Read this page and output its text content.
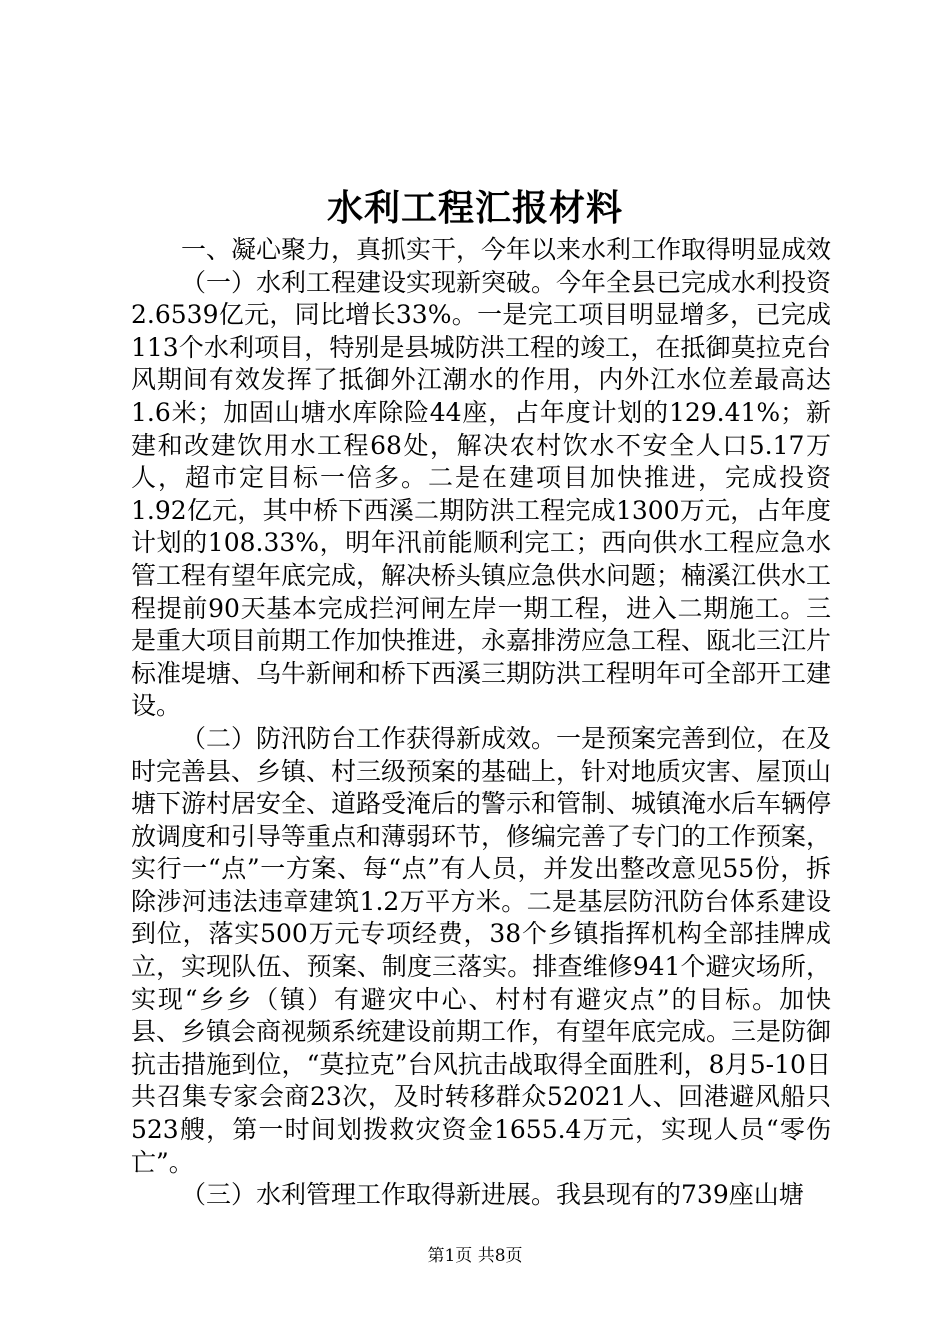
水利工程汇报材料

一、凝心聚力，真抓实干，今年以来水利工作取得明显成效

（一）水利工程建设实现新突破。今年全县已完成水利投资2.6539亿元，同比增长33%。一是完工项目明显增多，已完成113个水利项目，特别是县城防洪工程的竣工，在抵御莫拉克台风期间有效发挥了抵御外江潮水的作用，内外江水位差最高达1.6米；加固山塘水库除险44座，占年度计划的129.41%；新建和改建饮用水工程68处，解决农村饮水不安全人口5.17万人，超市定目标一倍多。二是在建项目加快推进，完成投资1.92亿元，其中桥下西溪二期防洪工程完成1300万元，占年度计划的108.33%，明年汛前能顺利完工；西向供水工程应急水管工程有望年底完成，解决桥头镇应急供水问题；楠溪江供水工程提前90天基本完成拦河闸左岸一期工程，进入二期施工。三是重大项目前期工作加快推进，永嘉排涝应急工程、瓯北三江片标准堤塘、乌牛新闸和桥下西溪三期防洪工程明年可全部开工建设。

（二）防汛防台工作获得新成效。一是预案完善到位，在及时完善县、乡镇、村三级预案的基础上，针对地质灾害、屋顶山塘下游村居安全、道路受淹后的警示和管制、城镇淹水后车辆停放调度和引导等重点和薄弱环节，修编完善了专门的工作预案，实行一“点”一方案、每“点”有人员，并发出整改意见55份，拆除涉河违法违章建筑1.2万平方米。二是基层防汛防台体系建设到位，落实500万元专项经费，38个乡镇指挥机构全部挂牌成立，实现队伍、预案、制度三落实。排查维修941个避灾场所，实现“乡乡（镇）有避灾中心、村村有避灾点”的目标。加快县、乡镇会商视频系统建设前期工作，有望年底完成。三是防御抗击措施到位，“莫拉克”台风抗击战取得全面胜利，8月5-10日共召集专家会商23次，及时转移群众52021人、回港避风船只523艘，第一时间划拨救灾资金1655.4万元，实现人员“零伤亡”。

（三）水利管理工作取得新进展。我县现有的739座山塘

第1页 共8页
